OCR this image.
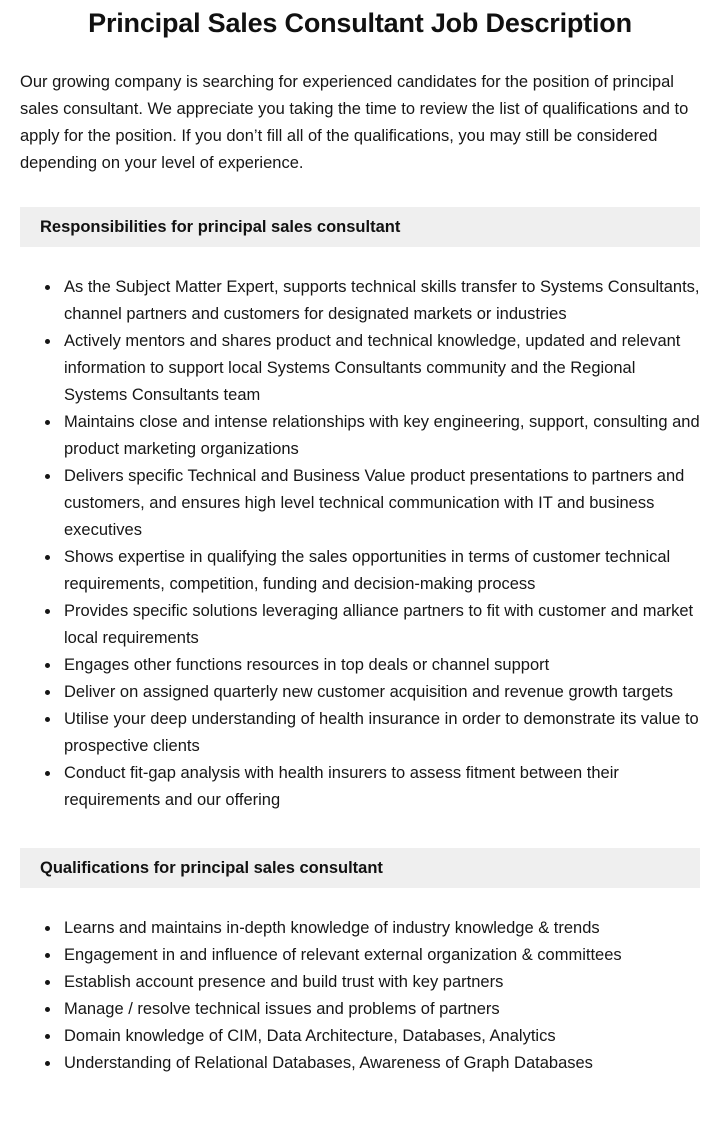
Principal Sales Consultant Job Description

Our growing company is searching for experienced candidates for the position of principal sales consultant. We appreciate you taking the time to review the list of qualifications and to apply for the position. If you don’t fill all of the qualifications, you may still be considered depending on your level of experience.

Responsibilities for principal sales consultant
• As the Subject Matter Expert, supports technical skills transfer to Systems Consultants, channel partners and customers for designated markets or industries
• Actively mentors and shares product and technical knowledge, updated and relevant information to support local Systems Consultants community and the Regional Systems Consultants team
• Maintains close and intense relationships with key engineering, support, consulting and product marketing organizations
• Delivers specific Technical and Business Value product presentations to partners and customers, and ensures high level technical communication with IT and business executives
• Shows expertise in qualifying the sales opportunities in terms of customer technical requirements, competition, funding and decision-making process
• Provides specific solutions leveraging alliance partners to fit with customer and market local requirements
• Engages other functions resources in top deals or channel support
• Deliver on assigned quarterly new customer acquisition and revenue growth targets
• Utilise your deep understanding of health insurance in order to demonstrate its value to prospective clients
• Conduct fit-gap analysis with health insurers to assess fitment between their requirements and our offering
Qualifications for principal sales consultant
• Learns and maintains in-depth knowledge of industry knowledge & trends
• Engagement in and influence of relevant external organization & committees
• Establish account presence and build trust with key partners
• Manage / resolve technical issues and problems of partners
• Domain knowledge of CIM, Data Architecture, Databases, Analytics
• Understanding of Relational Databases, Awareness of Graph Databases
